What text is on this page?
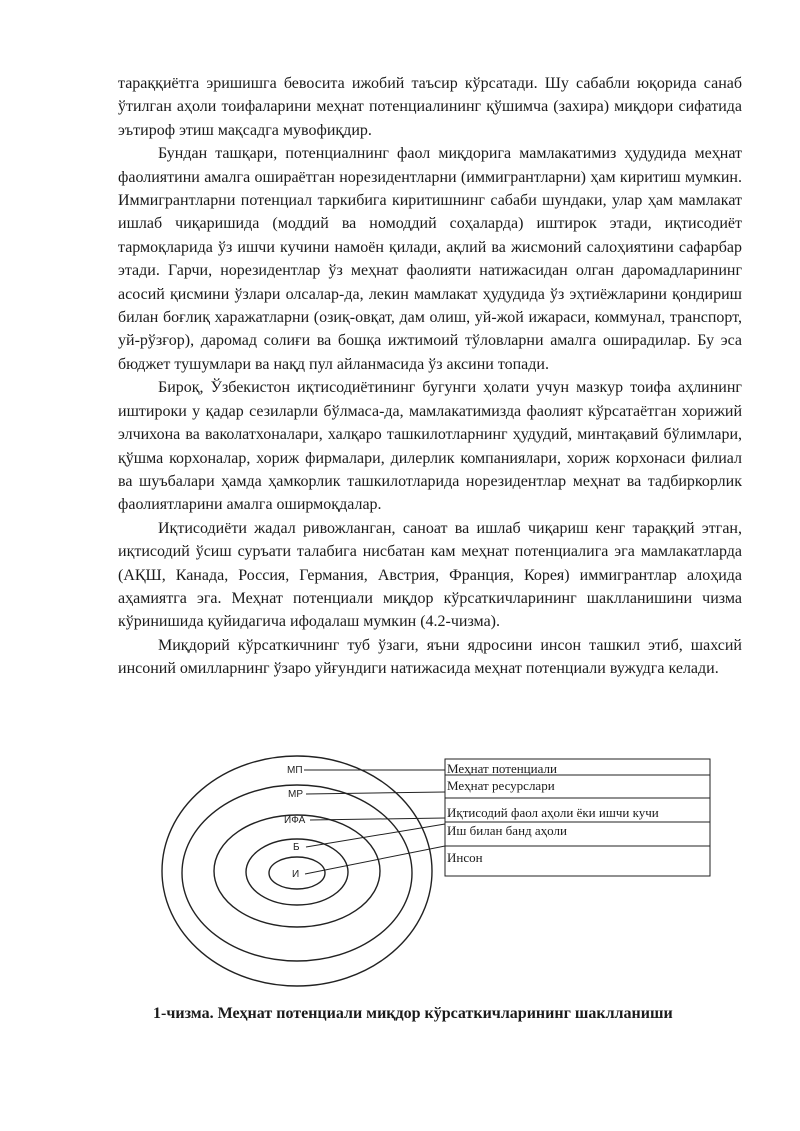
тараққиётга эришишга бевосита ижобий таъсир кўрсатади. Шу сабабли юқорида санаб ўтилган аҳоли тоифаларини меҳнат потенциалининг қўшимча (захира) миқдори сифатида эътироф этиш мақсадга мувофиқдир.

Бундан ташқари, потенциалнинг фаол миқдорига мамлакатимиз ҳудудида меҳнат фаолиятини амалга ошираётган норезидентларни (иммигрантларни) ҳам киритиш мумкин. Иммигрантларни потенциал таркибига киритишнинг сабаби шундаки, улар ҳам мамлакат ишлаб чиқаришида (моддий ва номоддий соҳаларда) иштирок этади, иқтисодиёт тармоқларида ўз ишчи кучини намоён қилади, ақлий ва жисмоний салоҳиятини сафарбар этади. Гарчи, норезидентлар ўз меҳнат фаолияти натижасидан олган даромадларининг асосий қисмини ўзлари олсалар-да, лекин мамлакат ҳудудида ўз эҳтиёжларини қондириш билан боғлиқ харажатларни (озиқ-овқат, дам олиш, уй-жой ижараси, коммунал, транспорт, уй-рўзғор), даромад солиғи ва бошқа ижтимоий тўловларни амалга оширадилар. Бу эса бюджет тушумлари ва нақд пул айланмасида ўз аксини топади.

Бироқ, Ўзбекистон иқтисодиётининг бугунги ҳолати учун мазкур тоифа аҳлининг иштироки у қадар сезиларли бўлмаса-да, мамлакатимизда фаолият кўрсатаётган хорижий элчихона ва ваколатхоналари, халқаро ташкилотларнинг ҳудудий, минтақавий бўлимлари, қўшма корхоналар, хориж фирмалари, дилерлик компаниялари, хориж корхонаси филиал ва шуъбалари ҳамда ҳамкорлик ташкилотларида норезидентлар меҳнат ва тадбиркорлик фаолиятларини амалга оширмоқдалар.

Иқтисодиёти жадал ривожланган, саноат ва ишлаб чиқариш кенг тараққий этган, иқтисодий ўсиш суръати талабига нисбатан кам меҳнат потенциалига эга мамлакатларда (АҚШ, Канада, Россия, Германия, Австрия, Франция, Корея) иммигрантлар алоҳида аҳамиятга эга. Меҳнат потенциали миқдор кўрсаткичларининг шаклланишини чизма кўринишида қуйидагича ифодалаш мумкин (4.2-чизма).

Миқдорий кўрсаткичнинг туб ўзаги, яъни ядросини инсон ташкил этиб, шахсий инсоний омилларнинг ўзаро уйғундиги натижасида меҳнат потенциали вужудга келади.

МП
МР
ИФА
Б
И
Меҳнат потенциали
Меҳнат ресурслари
Иқтисодий фаол аҳоли ёки ишчи кучи
Иш билан банд аҳоли
Инсон
1-чизма. Меҳнат потенциали миқдор кўрсаткичларининг шаклланиши
